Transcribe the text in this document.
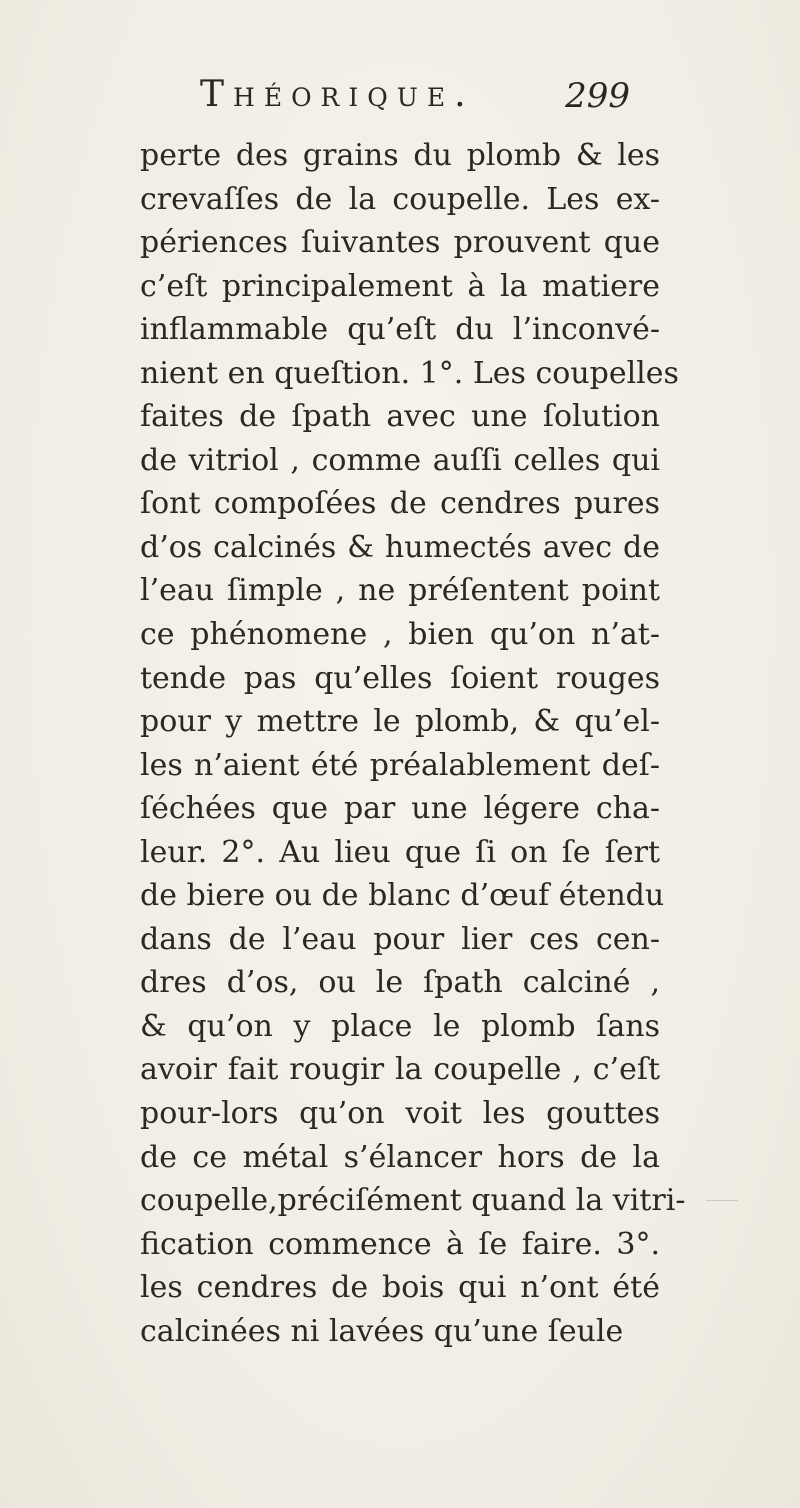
Théorique.	299
perte des grains du plomb & les
crevaſſes de la coupelle. Les ex-
périences ſuivantes prouvent que
c’eſt principalement à la matiere
inflammable qu’eſt du l’inconvé-
nient en queſtion. 1°. Les coupelles
faites de ſpath avec une ſolution
de vitriol , comme auſſi celles qui
ſont compoſées de cendres pures
d’os calcinés & humectés avec de
l’eau ſimple , ne préſentent point
ce phénomene , bien qu’on n’at-
tende pas qu’elles ſoient rouges
pour y mettre le plomb, & qu’el-
les n’aient été préalablement deſ-
ſéchées que par une légere cha-
leur. 2°. Au lieu que ſi on ſe ſert
de biere ou de blanc d’œuf étendu
dans de l’eau pour lier ces cen-
dres d’os, ou le ſpath calciné ,
& qu’on y place le plomb ſans
avoir fait rougir la coupelle , c’eſt
pour-lors qu’on voit les gouttes
de ce métal s’élancer hors de la
coupelle,préciſément quand la vitri-
fication commence à ſe faire. 3°.
les cendres de bois qui n’ont été
calcinées ni lavées qu’une ſeule
